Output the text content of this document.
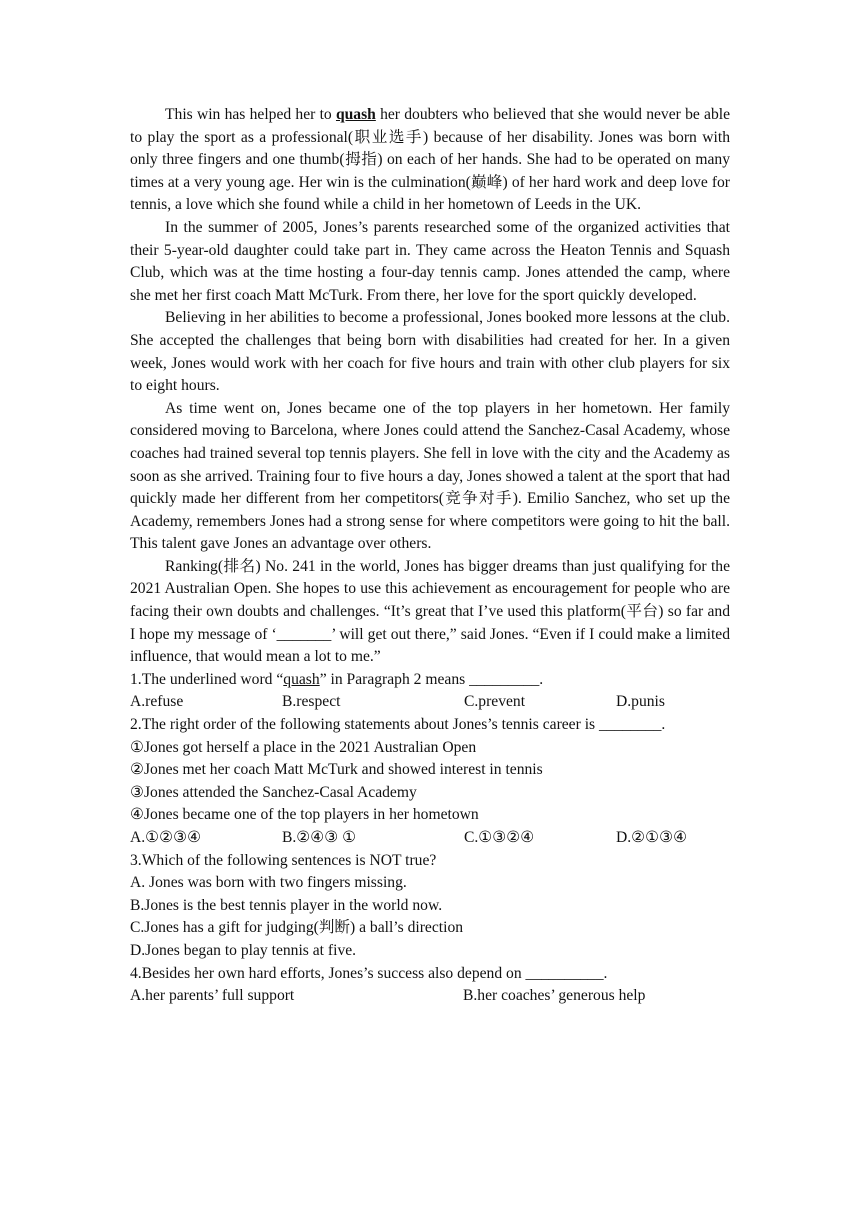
This win has helped her to quash her doubters who believed that she would never be able to play the sport as a professional(职业选手) because of her disability. Jones was born with only three fingers and one thumb(拇指) on each of her hands. She had to be operated on many times at a very young age. Her win is the culmination(巅峰) of her hard work and deep love for tennis, a love which she found while a child in her hometown of Leeds in the UK.

In the summer of 2005, Jones’s parents researched some of the organized activities that their 5-year-old daughter could take part in. They came across the Heaton Tennis and Squash Club, which was at the time hosting a four-day tennis camp. Jones attended the camp, where she met her first coach Matt McTurk. From there, her love for the sport quickly developed.

Believing in her abilities to become a professional, Jones booked more lessons at the club. She accepted the challenges that being born with disabilities had created for her. In a given week, Jones would work with her coach for five hours and train with other club players for six to eight hours.

As time went on, Jones became one of the top players in her hometown. Her family considered moving to Barcelona, where Jones could attend the Sanchez-Casal Academy, whose coaches had trained several top tennis players. She fell in love with the city and the Academy as soon as she arrived. Training four to five hours a day, Jones showed a talent at the sport that had quickly made her different from her competitors(竞争对手). Emilio Sanchez, who set up the Academy, remembers Jones had a strong sense for where competitors were going to hit the ball. This talent gave Jones an advantage over others.

Ranking(排名) No. 241 in the world, Jones has bigger dreams than just qualifying for the 2021 Australian Open. She hopes to use this achievement as encouragement for people who are facing their own doubts and challenges. “It’s great that I’ve used this platform(平台) so far and I hope my message of ‘_______’ will get out there,” said Jones. “Even if I could make a limited influence, that would mean a lot to me.”

1.The underlined word “quash” in Paragraph 2 means _________.

A.refuse	B.respect	C.prevent	D.punis

2.The right order of the following statements about Jones’s tennis career is ________.

①Jones got herself a place in the 2021 Australian Open

②Jones met her coach Matt McTurk and showed interest in tennis

③Jones attended the Sanchez-Casal Academy

④Jones became one of the top players in her hometown

A.①②③④	B.②④③ ①	C.①③②④	D.②①③④

3.Which of the following sentences is NOT true?

A. Jones was born with two fingers missing.

B.Jones is the best tennis player in the world now.

C.Jones has a gift for judging(判断) a ball’s direction

D.Jones began to play tennis at five.

4.Besides her own hard efforts, Jones’s success also depend on __________.

A.her parents’ full support	B.her coaches’ generous help
